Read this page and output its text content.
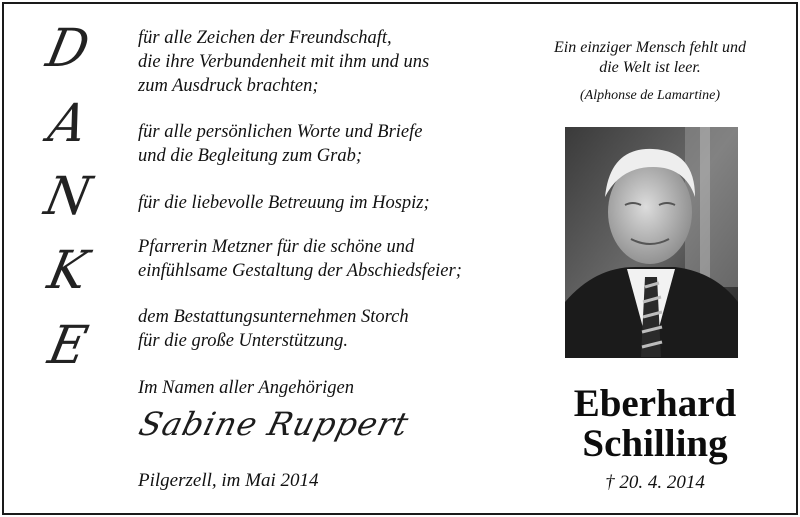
D
A
N
K
E
für alle Zeichen der Freundschaft,
die ihre Verbundenheit mit ihm und uns
zum Ausdruck brachten;
für alle persönlichen Worte und Briefe
und die Begleitung zum Grab;
für die liebevolle Betreuung im Hospiz;
Pfarrerin Metzner für die schöne und
einfühlsame Gestaltung der Abschiedsfeier;
dem Bestattungsunternehmen Storch
für die große Unterstützung.
Im Namen aller Angehörigen
Sabine Ruppert
Pilgerzell, im Mai 2014
Ein einziger Mensch fehlt und
die Welt ist leer.
(Alphonse de Lamartine)
Eberhard
Schilling
† 20. 4. 2014
